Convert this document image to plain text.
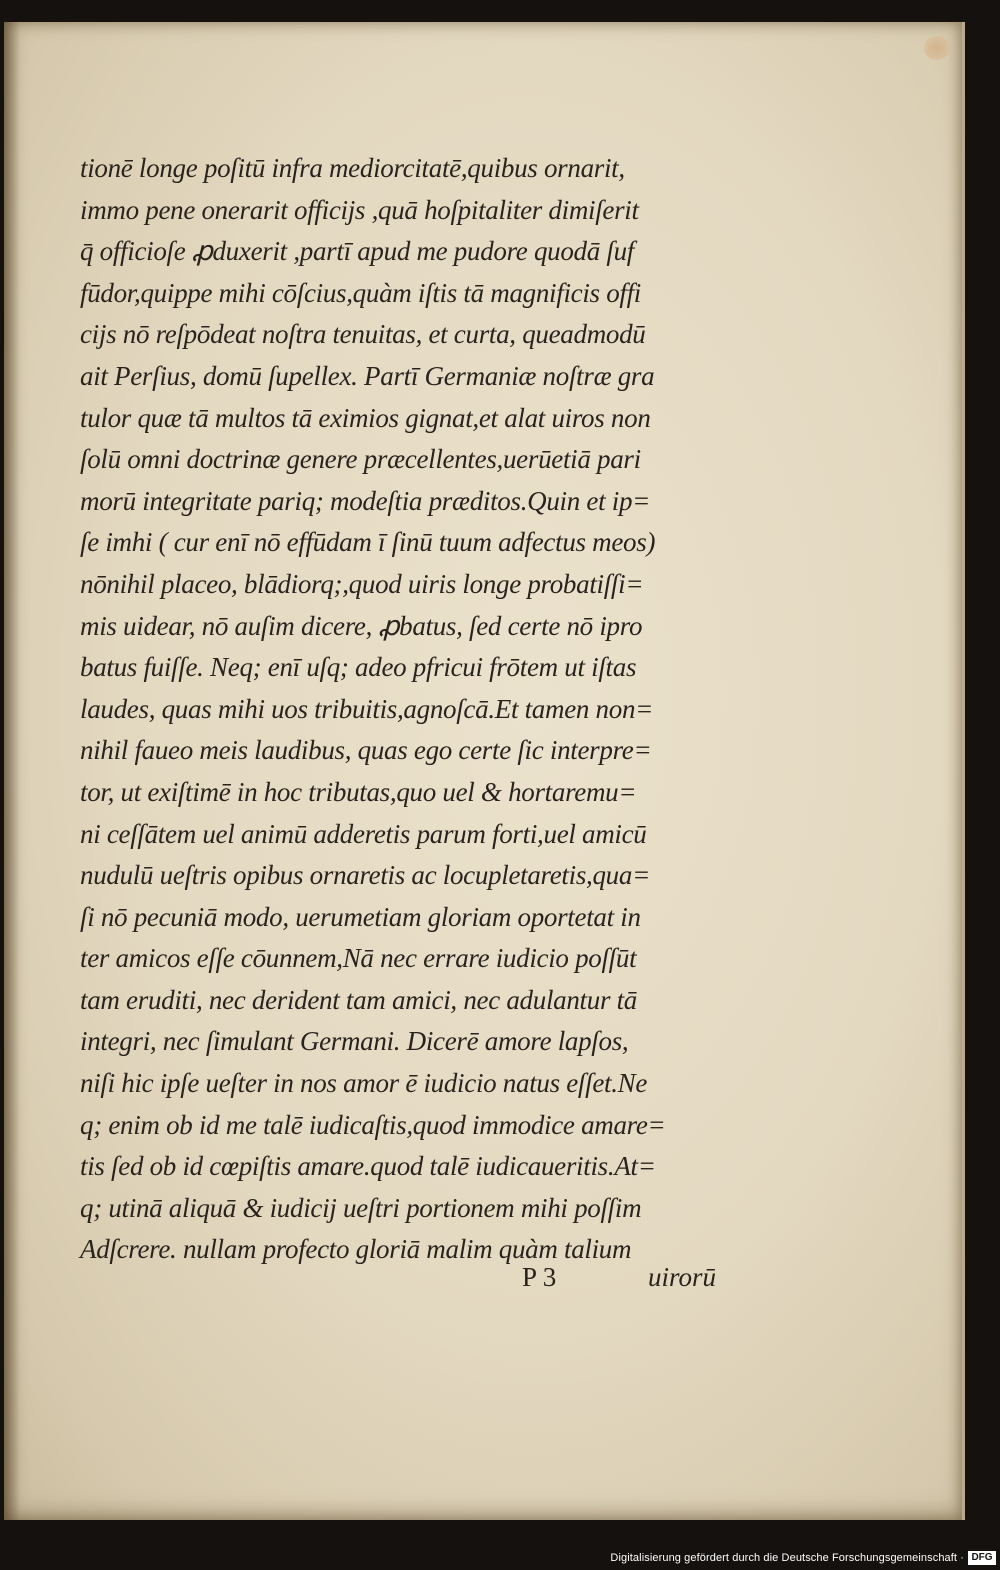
tionē longe poſitū infra mediorcitatē,quibus ornarit,
immo pene onerarit officijs ,quā hoſpitaliter dimiſerit
q̄ officioſe ꝓduxerit ,partī apud me pudore quodā ſuf
fūdor,quippe mihi cōſcius,quàm iſtis tā magnificis offi
cijs nō reſpōdeat noſtra tenuitas, et curta, queadmodū
ait Perſius, domū ſupellex. Partī Germaniæ noſtræ gra
tulor quæ tā multos tā eximios gignat,et alat uiros non
ſolū omni doctrinæ genere præcellentes,uerūetiā pari
morū integritate pariq; modeſtia præditos.Quin et ip=
ſe imhi ( cur enī nō effūdam ī ſinū tuum adfectus meos)
nōnihil placeo, blādiorq;,quod uiris longe probatiſſi=
mis uidear, nō auſim dicere, ꝓbatus, ſed certe nō ipro
batus fuiſſe. Neq; enī uſq; adeo pfricui frōtem ut iſtas
laudes, quas mihi uos tribuitis,agnoſcā.Et tamen non=
nihil faueo meis laudibus, quas ego certe ſic interpre=
tor, ut exiſtimē in hoc tributas,quo uel & hortaremu=
ni ceſſātem uel animū adderetis parum forti,uel amicū
nudulū ueſtris opibus ornaretis ac locupletaretis,qua=
ſi nō pecuniā modo, uerumetiam gloriam oportetat in
ter amicos eſſe cōunnem,Nā nec errare iudicio poſſūt
tam eruditi, nec derident tam amici, nec adulantur tā
integri, nec ſimulant Germani. Dicerē amore lapſos,
niſi hic ipſe ueſter in nos amor ē iudicio natus eſſet.Ne
q; enim ob id me talē iudicaſtis,quod immodice amare=
tis ſed ob id cœpiſtis amare.quod talē iudicaueritis.At=
q; utinā aliquā & iudicij ueſtri portionem mihi poſſim
Adſcrere. nullam profecto gloriā malim quàm talium
P 3	uirorū
Digitalisierung gefördert durch die Deutsche Forschungsgemeinschaft · DFG
